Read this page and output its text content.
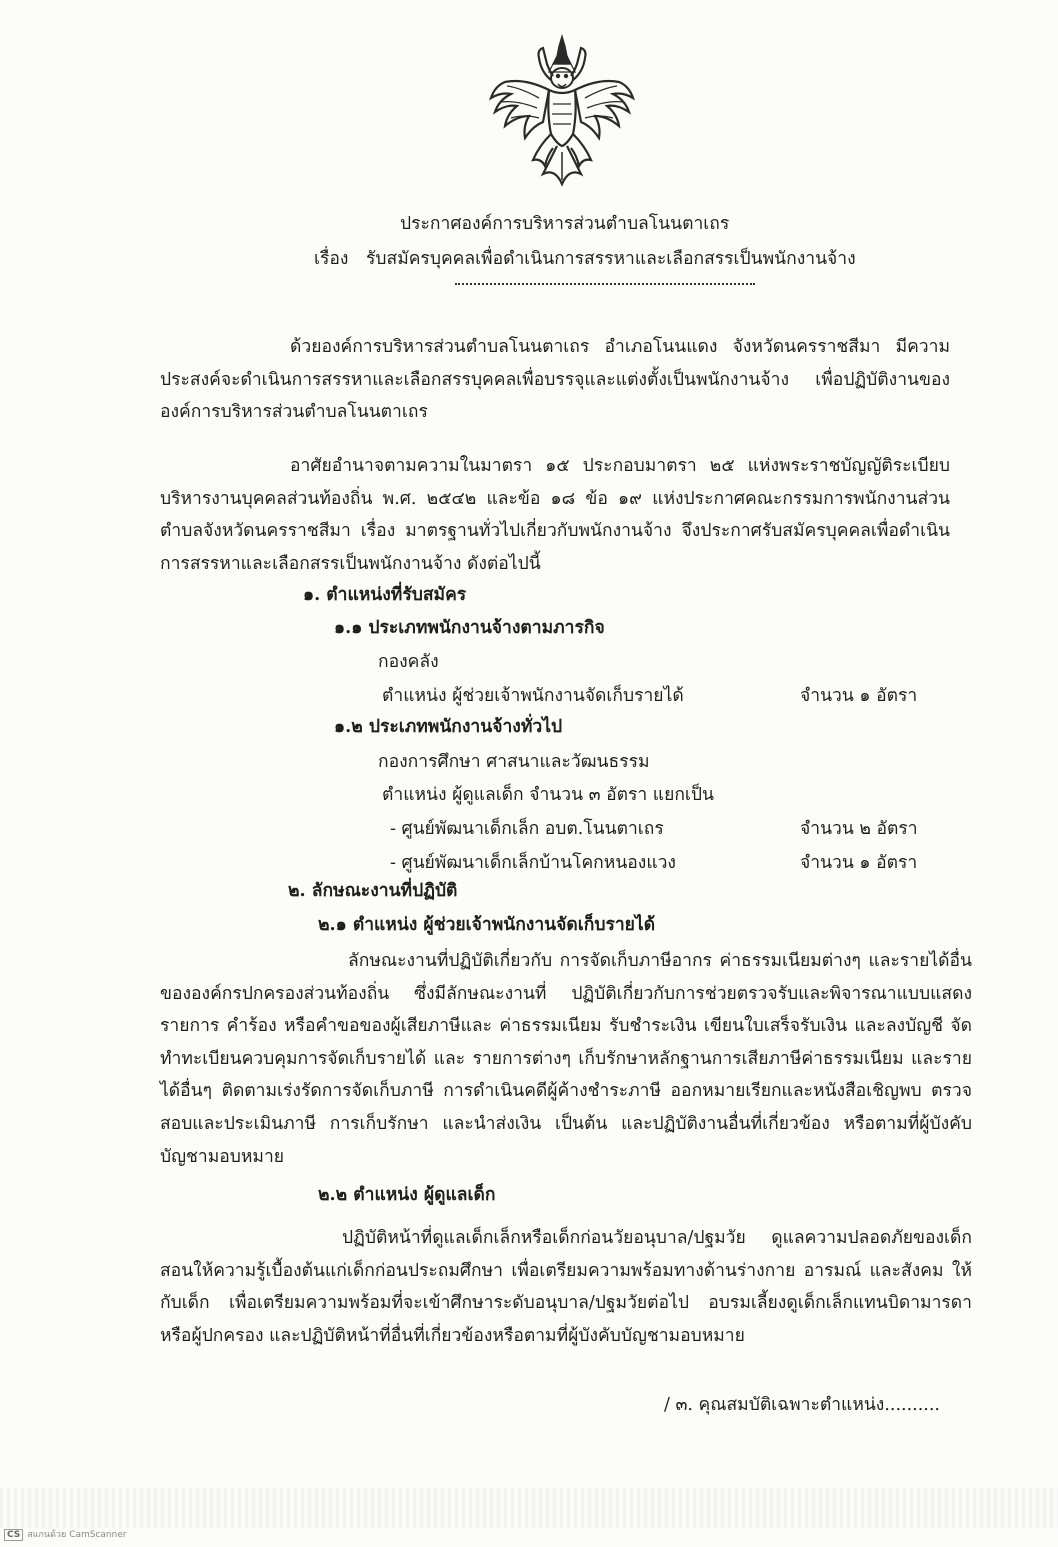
ประกาศองค์การบริหารส่วนตำบลโนนตาเถร
เรื่อง รับสมัครบุคคลเพื่อดำเนินการสรรหาและเลือกสรรเป็นพนักงานจ้าง
ด้วยองค์การบริหารส่วนตำบลโนนตาเถร อำเภอโนนแดง จังหวัดนครราชสีมา มีความประสงค์จะดำเนินการสรรหาและเลือกสรรบุคคลเพื่อบรรจุและแต่งตั้งเป็นพนักงานจ้าง เพื่อปฏิบัติงานขององค์การบริหารส่วนตำบลโนนตาเถร
อาศัยอำนาจตามความในมาตรา ๑๕ ประกอบมาตรา ๒๕ แห่งพระราชบัญญัติระเบียบบริหารงานบุคคลส่วนท้องถิ่น พ.ศ. ๒๕๔๒ และข้อ ๑๘ ข้อ ๑๙ แห่งประกาศคณะกรรมการพนักงานส่วนตำบลจังหวัดนครราชสีมา เรื่อง มาตรฐานทั่วไปเกี่ยวกับพนักงานจ้าง จึงประกาศรับสมัครบุคคลเพื่อดำเนินการสรรหาและเลือกสรรเป็นพนักงานจ้าง ดังต่อไปนี้
๑. ตำแหน่งที่รับสมัคร
๑.๑ ประเภทพนักงานจ้างตามภารกิจ
กองคลัง
ตำแหน่ง ผู้ช่วยเจ้าพนักงานจัดเก็บรายได้	จำนวน ๑ อัตรา
๑.๒ ประเภทพนักงานจ้างทั่วไป
กองการศึกษา ศาสนาและวัฒนธรรม
ตำแหน่ง ผู้ดูแลเด็ก จำนวน ๓ อัตรา แยกเป็น
- ศูนย์พัฒนาเด็กเล็ก อบต.โนนตาเถร	จำนวน ๒ อัตรา
- ศูนย์พัฒนาเด็กเล็กบ้านโคกหนองแวง	จำนวน ๑ อัตรา
๒. ลักษณะงานที่ปฏิบัติ
๒.๑ ตำแหน่ง ผู้ช่วยเจ้าพนักงานจัดเก็บรายได้
ลักษณะงานที่ปฏิบัติเกี่ยวกับ การจัดเก็บภาษีอากร ค่าธรรมเนียมต่างๆ และรายได้อื่นขององค์กรปกครองส่วนท้องถิ่น ซึ่งมีลักษณะงานที่ ปฏิบัติเกี่ยวกับการช่วยตรวจรับและพิจารณาแบบแสดงรายการ คำร้อง หรือคำขอของผู้เสียภาษีและ ค่าธรรมเนียม รับชำระเงิน เขียนใบเสร็จรับเงิน และลงบัญชี จัดทำทะเบียนควบคุมการจัดเก็บรายได้ และ รายการต่างๆ เก็บรักษาหลักฐานการเสียภาษีค่าธรรมเนียม และรายได้อื่นๆ ติดตามเร่งรัดการจัดเก็บภาษี การดำเนินคดีผู้ค้างชำระภาษี ออกหมายเรียกและหนังสือเชิญพบ ตรวจสอบและประเมินภาษี การเก็บรักษา และนำส่งเงิน เป็นต้น และปฏิบัติงานอื่นที่เกี่ยวข้อง หรือตามที่ผู้บังคับบัญชามอบหมาย
๒.๒ ตำแหน่ง ผู้ดูแลเด็ก
ปฏิบัติหน้าที่ดูแลเด็กเล็กหรือเด็กก่อนวัยอนุบาล/ปฐมวัย ดูแลความปลอดภัยของเด็ก สอนให้ความรู้เบื้องต้นแก่เด็กก่อนประถมศึกษา เพื่อเตรียมความพร้อมทางด้านร่างกาย อารมณ์ และสังคม ให้กับเด็ก เพื่อเตรียมความพร้อมที่จะเข้าศึกษาระดับอนุบาล/ปฐมวัยต่อไป อบรมเลี้ยงดูเด็กเล็กแทนบิดามารดา หรือผู้ปกครอง และปฏิบัติหน้าที่อื่นที่เกี่ยวข้องหรือตามที่ผู้บังคับบัญชามอบหมาย
/ ๓. คุณสมบัติเฉพาะตำแหน่ง..........
CS สแกนด้วย CamScanner
